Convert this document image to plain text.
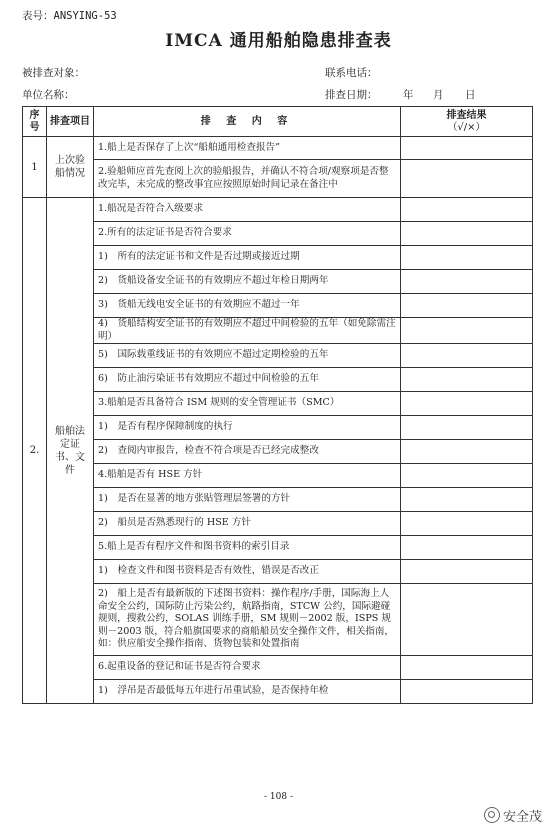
表号：ANSYING-53
IMCA 通用船舶隐患排查表
被排查对象：	联系电话：
单位名称：	排查日期： 年 月 日
序号	排查项目	排 查 内 容	排查结果
（√/×）

1	上次验船情况	1.船上是否保存了上次“船舶通用检查报告”	
		2.验船师应首先查阅上次的验船报告，并确认不符合项/观察项是否整改完毕，未完成的整改事宜应按照原始时间记录在备注中	
2.	船舶法定证书、文件	1.船况是否符合入级要求	
		2.所有的法定证书是否符合要求	
		1)　所有的法定证书和文件是否过期或接近过期	
		2)　货船设备安全证书的有效期应不超过年检日期两年	
		3)　货船无线电安全证书的有效期应不超过一年	
		4)　货船结构安全证书的有效期应不超过中间检验的五年（如免除需注明）	
		5)　国际载重线证书的有效期应不超过定期检验的五年	
		6)　防止油污染证书有效期应不超过中间检验的五年	
		3.船舶是否具备符合 ISM 规则的安全管理证书（SMC）	
		1)　是否有程序保障制度的执行	
		2)　查阅内审报告，检查不符合项是否已经完成整改	
		4.船舶是否有 HSE 方针	
		1)　是否在显著的地方张贴管理层签署的方针	
		2)　船员是否熟悉现行的 HSE 方针	
		5.船上是否有程序文件和图书资料的索引目录	
		1)　检查文件和图书资料是否有效性，错误是否改正	
		2)　船上是否有最新版的下述图书资料：操作程序/手册，国际海上人命安全公约，国际防止污染公约，航路指南，STCW 公约，国际避碰规则，搜救公约，SOLAS 训练手册，SM 规则－2002 版，ISPS 规则－2003 版，符合船旗国要求的商船船员安全操作文件，相关指南，如：供应船安全操作指南、货物包装和处置指南	
		6.起重设备的登记和证书是否符合要求	
		1)　浮吊是否最低每五年进行吊重试验，是否保持年检	
- 108 -
安全茂
